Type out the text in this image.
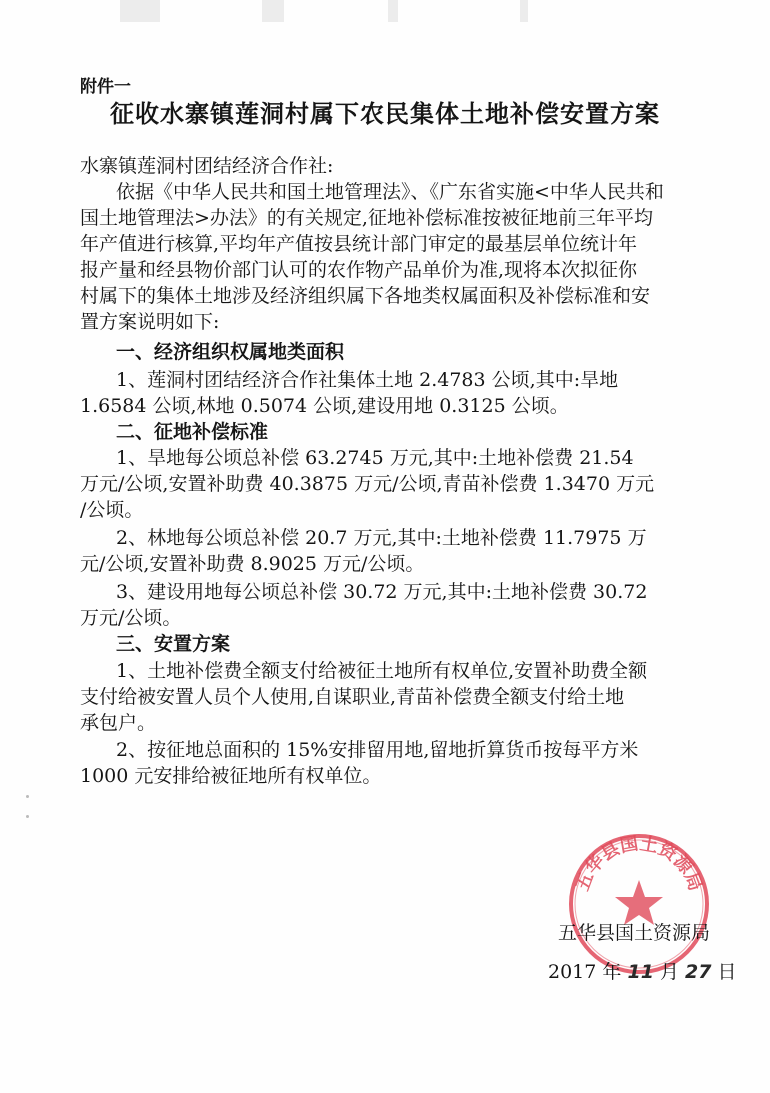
附件一
征收水寨镇莲洞村属下农民集体土地补偿安置方案
水寨镇莲洞村团结经济合作社:
依据《中华人民共和国土地管理法》、《广东省实施<中华人民共和
国土地管理法>办法》的有关规定,征地补偿标准按被征地前三年平均
年产值进行核算,平均年产值按县统计部门审定的最基层单位统计年
报产量和经县物价部门认可的农作物产品单价为准,现将本次拟征你
村属下的集体土地涉及经济组织属下各地类权属面积及补偿标准和安
置方案说明如下:
一、经济组织权属地类面积
1、莲洞村团结经济合作社集体土地 2.4783 公顷,其中:旱地
1.6584 公顷,林地 0.5074 公顷,建设用地 0.3125 公顷。
二、征地补偿标准
1、旱地每公顷总补偿 63.2745 万元,其中:土地补偿费 21.54
万元/公顷,安置补助费 40.3875 万元/公顷,青苗补偿费 1.3470 万元
/公顷。
2、林地每公顷总补偿 20.7 万元,其中:土地补偿费 11.7975 万
元/公顷,安置补助费 8.9025 万元/公顷。
3、建设用地每公顷总补偿 30.72 万元,其中:土地补偿费 30.72
万元/公顷。
三、安置方案
1、土地补偿费全额支付给被征土地所有权单位,安置补助费全额
支付给被安置人员个人使用,自谋职业,青苗补偿费全额支付给土地
承包户。
2、按征地总面积的 15%安排留用地,留地折算货币按每平方米
1000 元安排给被征地所有权单位。
五华县国土资源局
五华县国土资源局
2017 年 11 月 27 日
